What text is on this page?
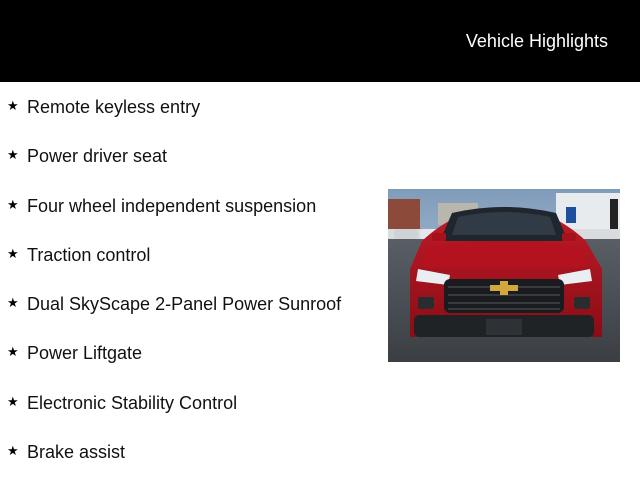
Vehicle Highlights
★ Remote keyless entry
★ Power driver seat
★ Four wheel independent suspension
★ Traction control
★ Dual SkyScape 2-Panel Power Sunroof
★ Power Liftgate
★ Electronic Stability Control
★ Brake assist
